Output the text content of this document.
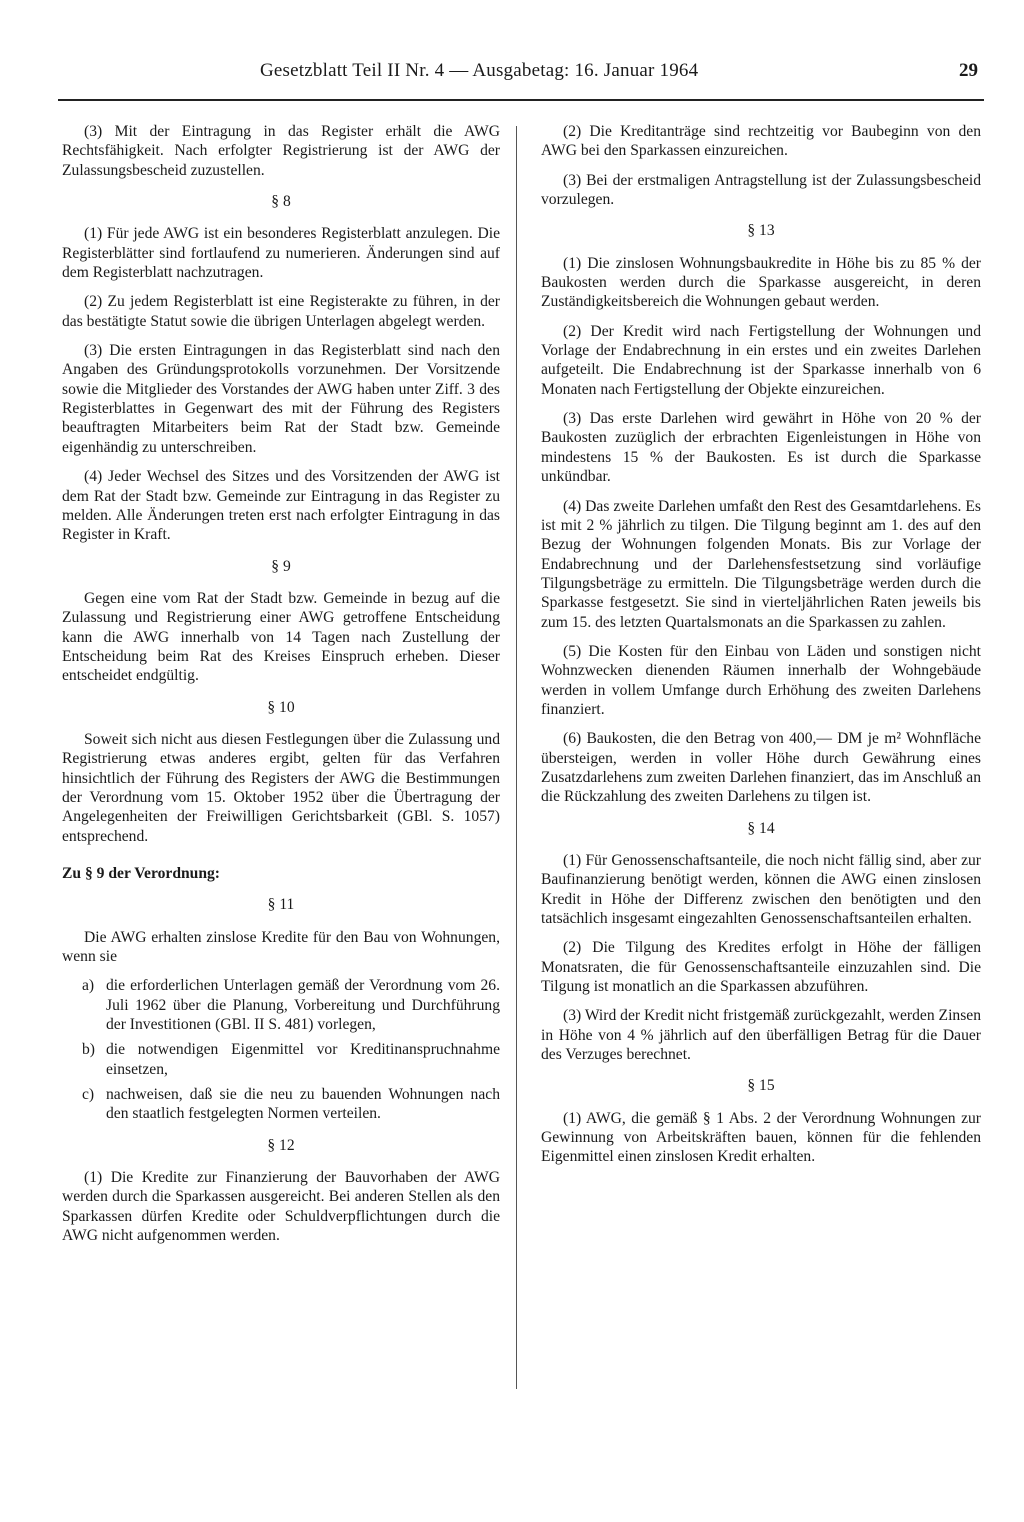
Gesetzblatt Teil II Nr. 4 — Ausgabetag: 16. Januar 1964	29

(3) Mit der Eintragung in das Register erhält die AWG Rechtsfähigkeit. Nach erfolgter Registrierung ist der AWG der Zulassungsbescheid zuzustellen.

§ 8

(1) Für jede AWG ist ein besonderes Registerblatt anzulegen. Die Registerblätter sind fortlaufend zu numerieren. Änderungen sind auf dem Registerblatt nachzutragen.

(2) Zu jedem Registerblatt ist eine Registerakte zu führen, in der das bestätigte Statut sowie die übrigen Unterlagen abgelegt werden.

(3) Die ersten Eintragungen in das Registerblatt sind nach den Angaben des Gründungsprotokolls vorzunehmen. Der Vorsitzende sowie die Mitglieder des Vorstandes der AWG haben unter Ziff. 3 des Registerblattes in Gegenwart des mit der Führung des Registers beauftragten Mitarbeiters beim Rat der Stadt bzw. Gemeinde eigenhändig zu unterschreiben.

(4) Jeder Wechsel des Sitzes und des Vorsitzenden der AWG ist dem Rat der Stadt bzw. Gemeinde zur Eintragung in das Register zu melden. Alle Änderungen treten erst nach erfolgter Eintragung in das Register in Kraft.

§ 9

Gegen eine vom Rat der Stadt bzw. Gemeinde in bezug auf die Zulassung und Registrierung einer AWG getroffene Entscheidung kann die AWG innerhalb von 14 Tagen nach Zustellung der Entscheidung beim Rat des Kreises Einspruch erheben. Dieser entscheidet endgültig.

§ 10

Soweit sich nicht aus diesen Festlegungen über die Zulassung und Registrierung etwas anderes ergibt, gelten für das Verfahren hinsichtlich der Führung des Registers der AWG die Bestimmungen der Verordnung vom 15. Oktober 1952 über die Übertragung der Angelegenheiten der Freiwilligen Gerichtsbarkeit (GBl. S. 1057) entsprechend.

Zu § 9 der Verordnung:

§ 11

Die AWG erhalten zinslose Kredite für den Bau von Wohnungen, wenn sie

a) die erforderlichen Unterlagen gemäß der Verordnung vom 26. Juli 1962 über die Planung, Vorbereitung und Durchführung der Investitionen (GBl. II S. 481) vorlegen,
b) die notwendigen Eigenmittel vor Kreditinanspruchnahme einsetzen,
c) nachweisen, daß sie die neu zu bauenden Wohnungen nach den staatlich festgelegten Normen verteilen.

§ 12

(1) Die Kredite zur Finanzierung der Bauvorhaben der AWG werden durch die Sparkassen ausgereicht. Bei anderen Stellen als den Sparkassen dürfen Kredite oder Schuldverpflichtungen durch die AWG nicht aufgenommen werden.

(2) Die Kreditanträge sind rechtzeitig vor Baubeginn von den AWG bei den Sparkassen einzureichen.

(3) Bei der erstmaligen Antragstellung ist der Zulassungsbescheid vorzulegen.

§ 13

(1) Die zinslosen Wohnungsbaukredite in Höhe bis zu 85 % der Baukosten werden durch die Sparkasse ausgereicht, in deren Zuständigkeitsbereich die Wohnungen gebaut werden.

(2) Der Kredit wird nach Fertigstellung der Wohnungen und Vorlage der Endabrechnung in ein erstes und ein zweites Darlehen aufgeteilt. Die Endabrechnung ist der Sparkasse innerhalb von 6 Monaten nach Fertigstellung der Objekte einzureichen.

(3) Das erste Darlehen wird gewährt in Höhe von 20 % der Baukosten zuzüglich der erbrachten Eigenleistungen in Höhe von mindestens 15 % der Baukosten. Es ist durch die Sparkasse unkündbar.

(4) Das zweite Darlehen umfaßt den Rest des Gesamtdarlehens. Es ist mit 2 % jährlich zu tilgen. Die Tilgung beginnt am 1. des auf den Bezug der Wohnungen folgenden Monats. Bis zur Vorlage der Endabrechnung und der Darlehensfestsetzung sind vorläufige Tilgungsbeträge zu ermitteln. Die Tilgungsbeträge werden durch die Sparkasse festgesetzt. Sie sind in vierteljährlichen Raten jeweils bis zum 15. des letzten Quartalsmonats an die Sparkassen zu zahlen.

(5) Die Kosten für den Einbau von Läden und sonstigen nicht Wohnzwecken dienenden Räumen innerhalb der Wohngebäude werden in vollem Umfange durch Erhöhung des zweiten Darlehens finanziert.

(6) Baukosten, die den Betrag von 400,— DM je m² Wohnfläche übersteigen, werden in voller Höhe durch Gewährung eines Zusatzdarlehens zum zweiten Darlehen finanziert, das im Anschluß an die Rückzahlung des zweiten Darlehens zu tilgen ist.

§ 14

(1) Für Genossenschaftsanteile, die noch nicht fällig sind, aber zur Baufinanzierung benötigt werden, können die AWG einen zinslosen Kredit in Höhe der Differenz zwischen den benötigten und den tatsächlich insgesamt eingezahlten Genossenschaftsanteilen erhalten.

(2) Die Tilgung des Kredites erfolgt in Höhe der fälligen Monatsraten, die für Genossenschaftsanteile einzuzahlen sind. Die Tilgung ist monatlich an die Sparkassen abzuführen.

(3) Wird der Kredit nicht fristgemäß zurückgezahlt, werden Zinsen in Höhe von 4 % jährlich auf den überfälligen Betrag für die Dauer des Verzuges berechnet.

§ 15

(1) AWG, die gemäß § 1 Abs. 2 der Verordnung Wohnungen zur Gewinnung von Arbeitskräften bauen, können für die fehlenden Eigenmittel einen zinslosen Kredit erhalten.
